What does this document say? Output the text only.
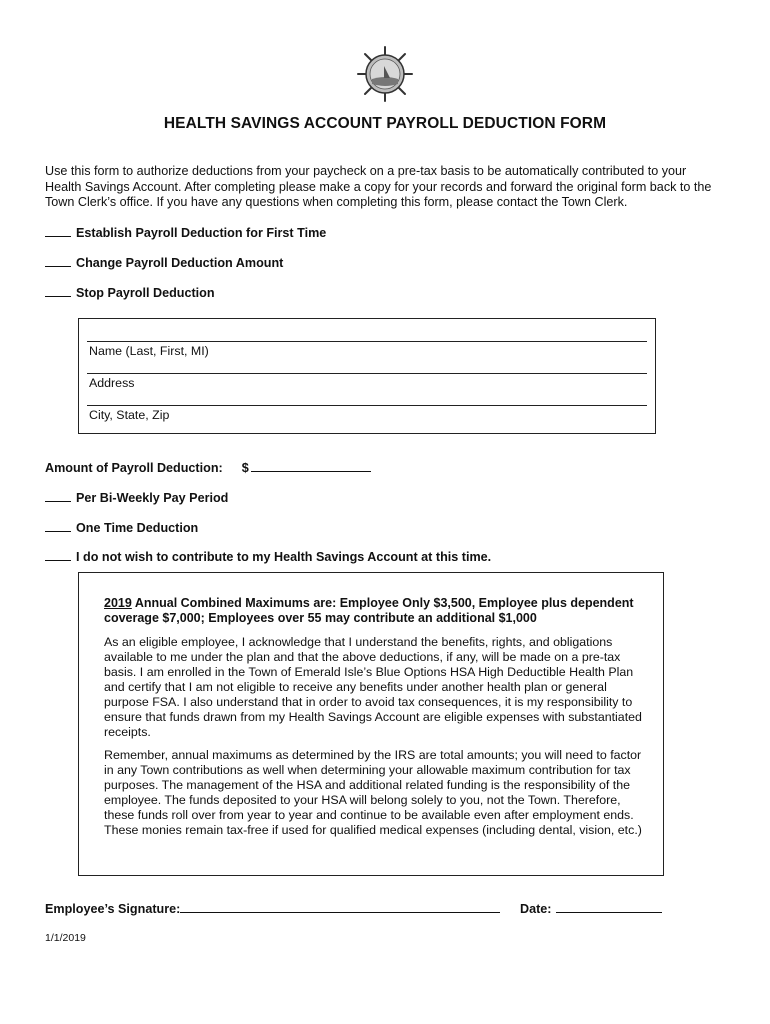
HEALTH SAVINGS ACCOUNT PAYROLL DEDUCTION FORM
Use this form to authorize deductions from your paycheck on a pre-tax basis to be automatically contributed to your
Health Savings Account. After completing please make a copy for your records and forward the original form back to the
Town Clerk’s office. If you have any questions when completing this form, please contact the Town Clerk.
Establish Payroll Deduction for First Time
Change Payroll Deduction Amount
Stop Payroll Deduction
Name (Last, First, MI)
Address
City, State, Zip
Amount of Payroll Deduction: $
Per Bi-Weekly Pay Period
One Time Deduction
I do not wish to contribute to my Health Savings Account at this time.

2019 Annual Combined Maximums are: Employee Only $3,500, Employee plus dependent
coverage $7,000; Employees over 55 may contribute an additional $1,000

As an eligible employee, I acknowledge that I understand the benefits, rights, and obligations
available to me under the plan and that the above deductions, if any, will be made on a pre-tax
basis. I am enrolled in the Town of Emerald Isle’s Blue Options HSA High Deductible Health Plan
and certify that I am not eligible to receive any benefits under another health plan or general
purpose FSA. I also understand that in order to avoid tax consequences, it is my responsibility to
ensure that funds drawn from my Health Savings Account are eligible expenses with substantiated
receipts.

Remember, annual maximums as determined by the IRS are total amounts; you will need to factor
in any Town contributions as well when determining your allowable maximum contribution for tax
purposes. The management of the HSA and additional related funding is the responsibility of the
employee. The funds deposited to your HSA will belong solely to you, not the Town. Therefore,
these funds roll over from year to year and continue to be available even after employment ends.
These monies remain tax-free if used for qualified medical expenses (including dental, vision, etc.)

Employee’s Signature:	Date:
1/1/2019
